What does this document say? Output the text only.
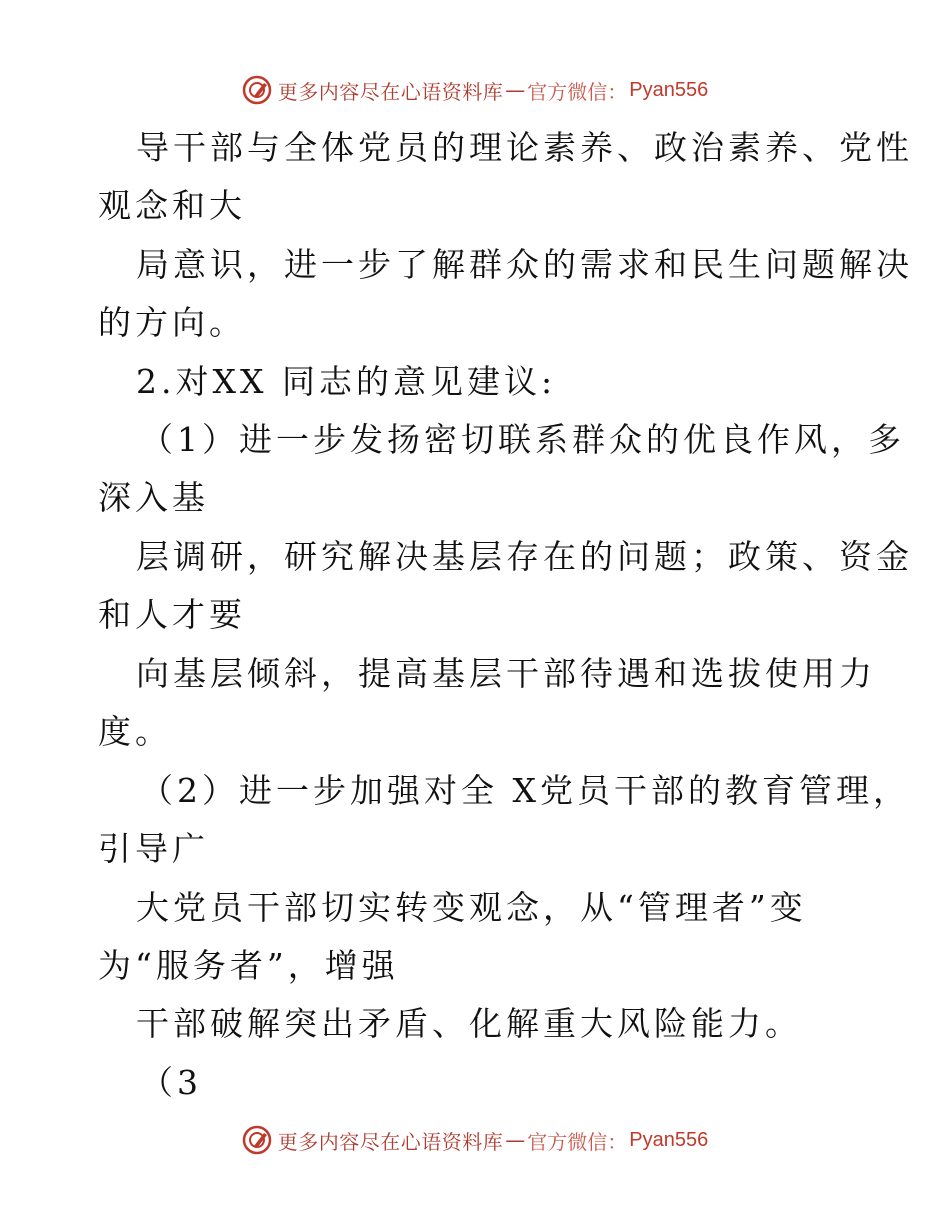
更多内容尽在心语资料库 — 官方微信： Pyan556
导干部与全体党员的理论素养、政治素养、党性
观念和大
局意识，进一步了解群众的需求和民生问题解决
的方向。
2.对XX 同志的意见建议:
（1）进一步发扬密切联系群众的优良作风，多
深入基
层调研，研究解决基层存在的问题；政策、资金
和人才要
向基层倾斜，提高基层干部待遇和选拔使用力
度。
（2）进一步加强对全 X党员干部的教育管理，
引导广
大党员干部切实转变观念，从“管理者”变
为“服务者”，增强
干部破解突出矛盾、化解重大风险能力。
（3
更多内容尽在心语资料库 — 官方微信： Pyan556
